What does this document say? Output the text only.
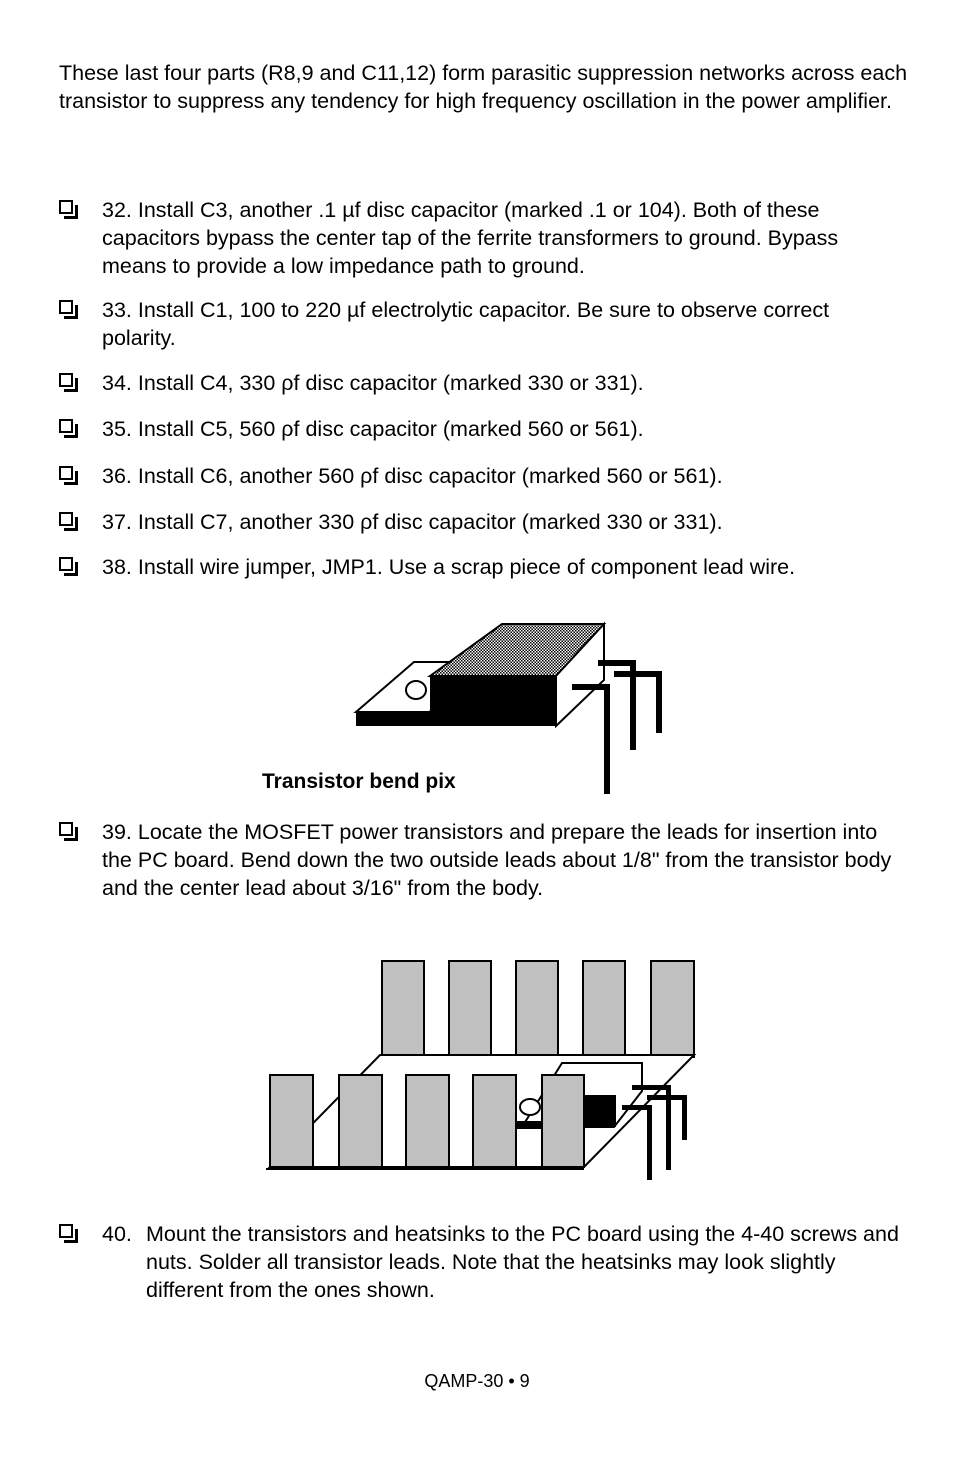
These last four parts (R8,9 and C11,12) form parasitic suppression networks across each transistor to suppress any tendency for high frequency oscillation in the power amplifier.

32. Install C3, another .1 µf disc capacitor (marked .1 or 104). Both of these capacitors bypass the center tap of the ferrite transformers to ground. Bypass means to provide a low impedance path to ground.
33. Install C1, 100 to 220 µf electrolytic capacitor. Be sure to observe correct polarity.
34. Install C4, 330 ρf disc capacitor (marked 330 or 331).
35. Install C5, 560 ρf disc capacitor (marked 560 or 561).
36. Install C6, another 560 ρf disc capacitor (marked 560 or 561).
37. Install C7, another 330 ρf disc capacitor (marked 330 or 331).
38. Install wire jumper, JMP1. Use a scrap piece of component lead wire.
Transistor bend pix
39. Locate the MOSFET power transistors and prepare the leads for insertion into the PC board. Bend down the two outside leads about 1/8" from the transistor body and the center lead about 3/16" from the body.
40. Mount the transistors and heatsinks to the PC board using the 4-40 screws and nuts. Solder all transistor leads. Note that the heatsinks may look slightly different from the ones shown.
QAMP-30 • 9
